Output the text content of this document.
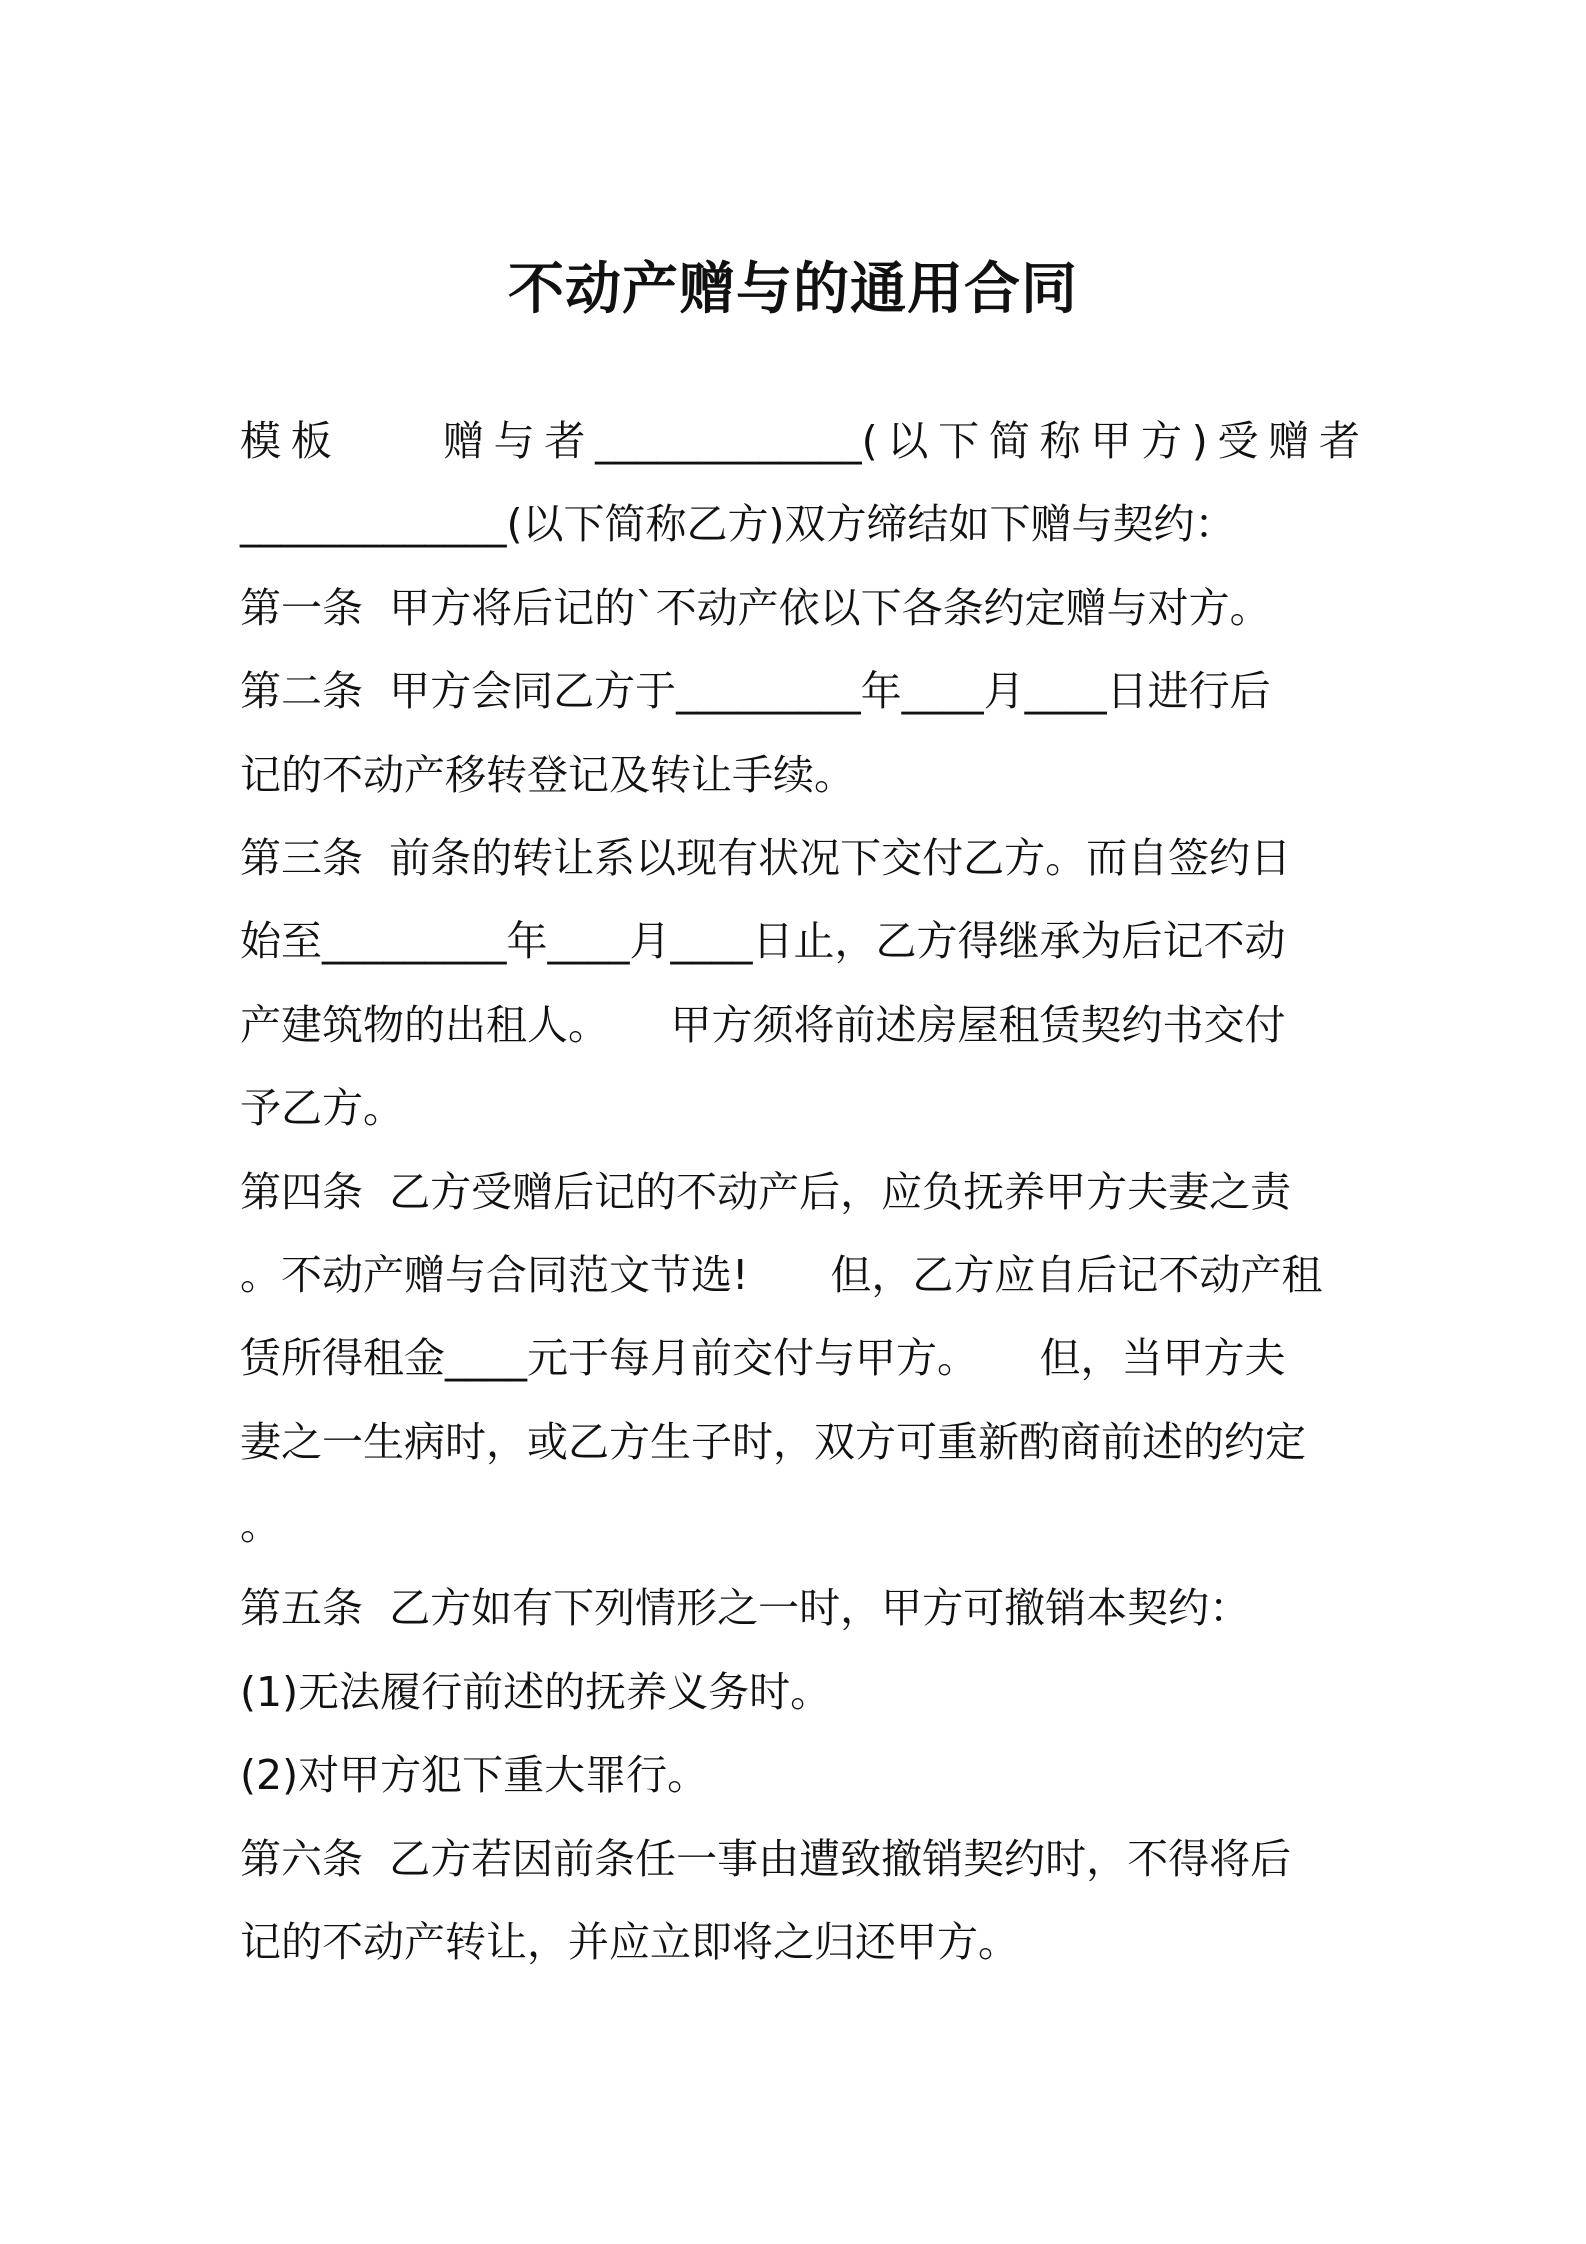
不动产赠与的通用合同
模板　　赠与者_____________(以下简称甲方)受赠者
_____________(以下简称乙方)双方缔结如下赠与契约：
第一条  甲方将后记的`不动产依以下各条约定赠与对方。
第二条  甲方会同乙方于_________年____月____日进行后
记的不动产移转登记及转让手续。
第三条  前条的转让系以现有状况下交付乙方。而自签约日
始至_________年____月____日止，乙方得继承为后记不动
产建筑物的出租人。　　甲方须将前述房屋租赁契约书交付
予乙方。
第四条  乙方受赠后记的不动产后，应负抚养甲方夫妻之责
。不动产赠与合同范文节选!　　但，乙方应自后记不动产租
赁所得租金____元于每月前交付与甲方。　　但，当甲方夫
妻之一生病时，或乙方生子时，双方可重新酌商前述的约定
。
第五条  乙方如有下列情形之一时，甲方可撤销本契约：
(1)无法履行前述的抚养义务时。
(2)对甲方犯下重大罪行。
第六条  乙方若因前条任一事由遭致撤销契约时，不得将后
记的不动产转让，并应立即将之归还甲方。
